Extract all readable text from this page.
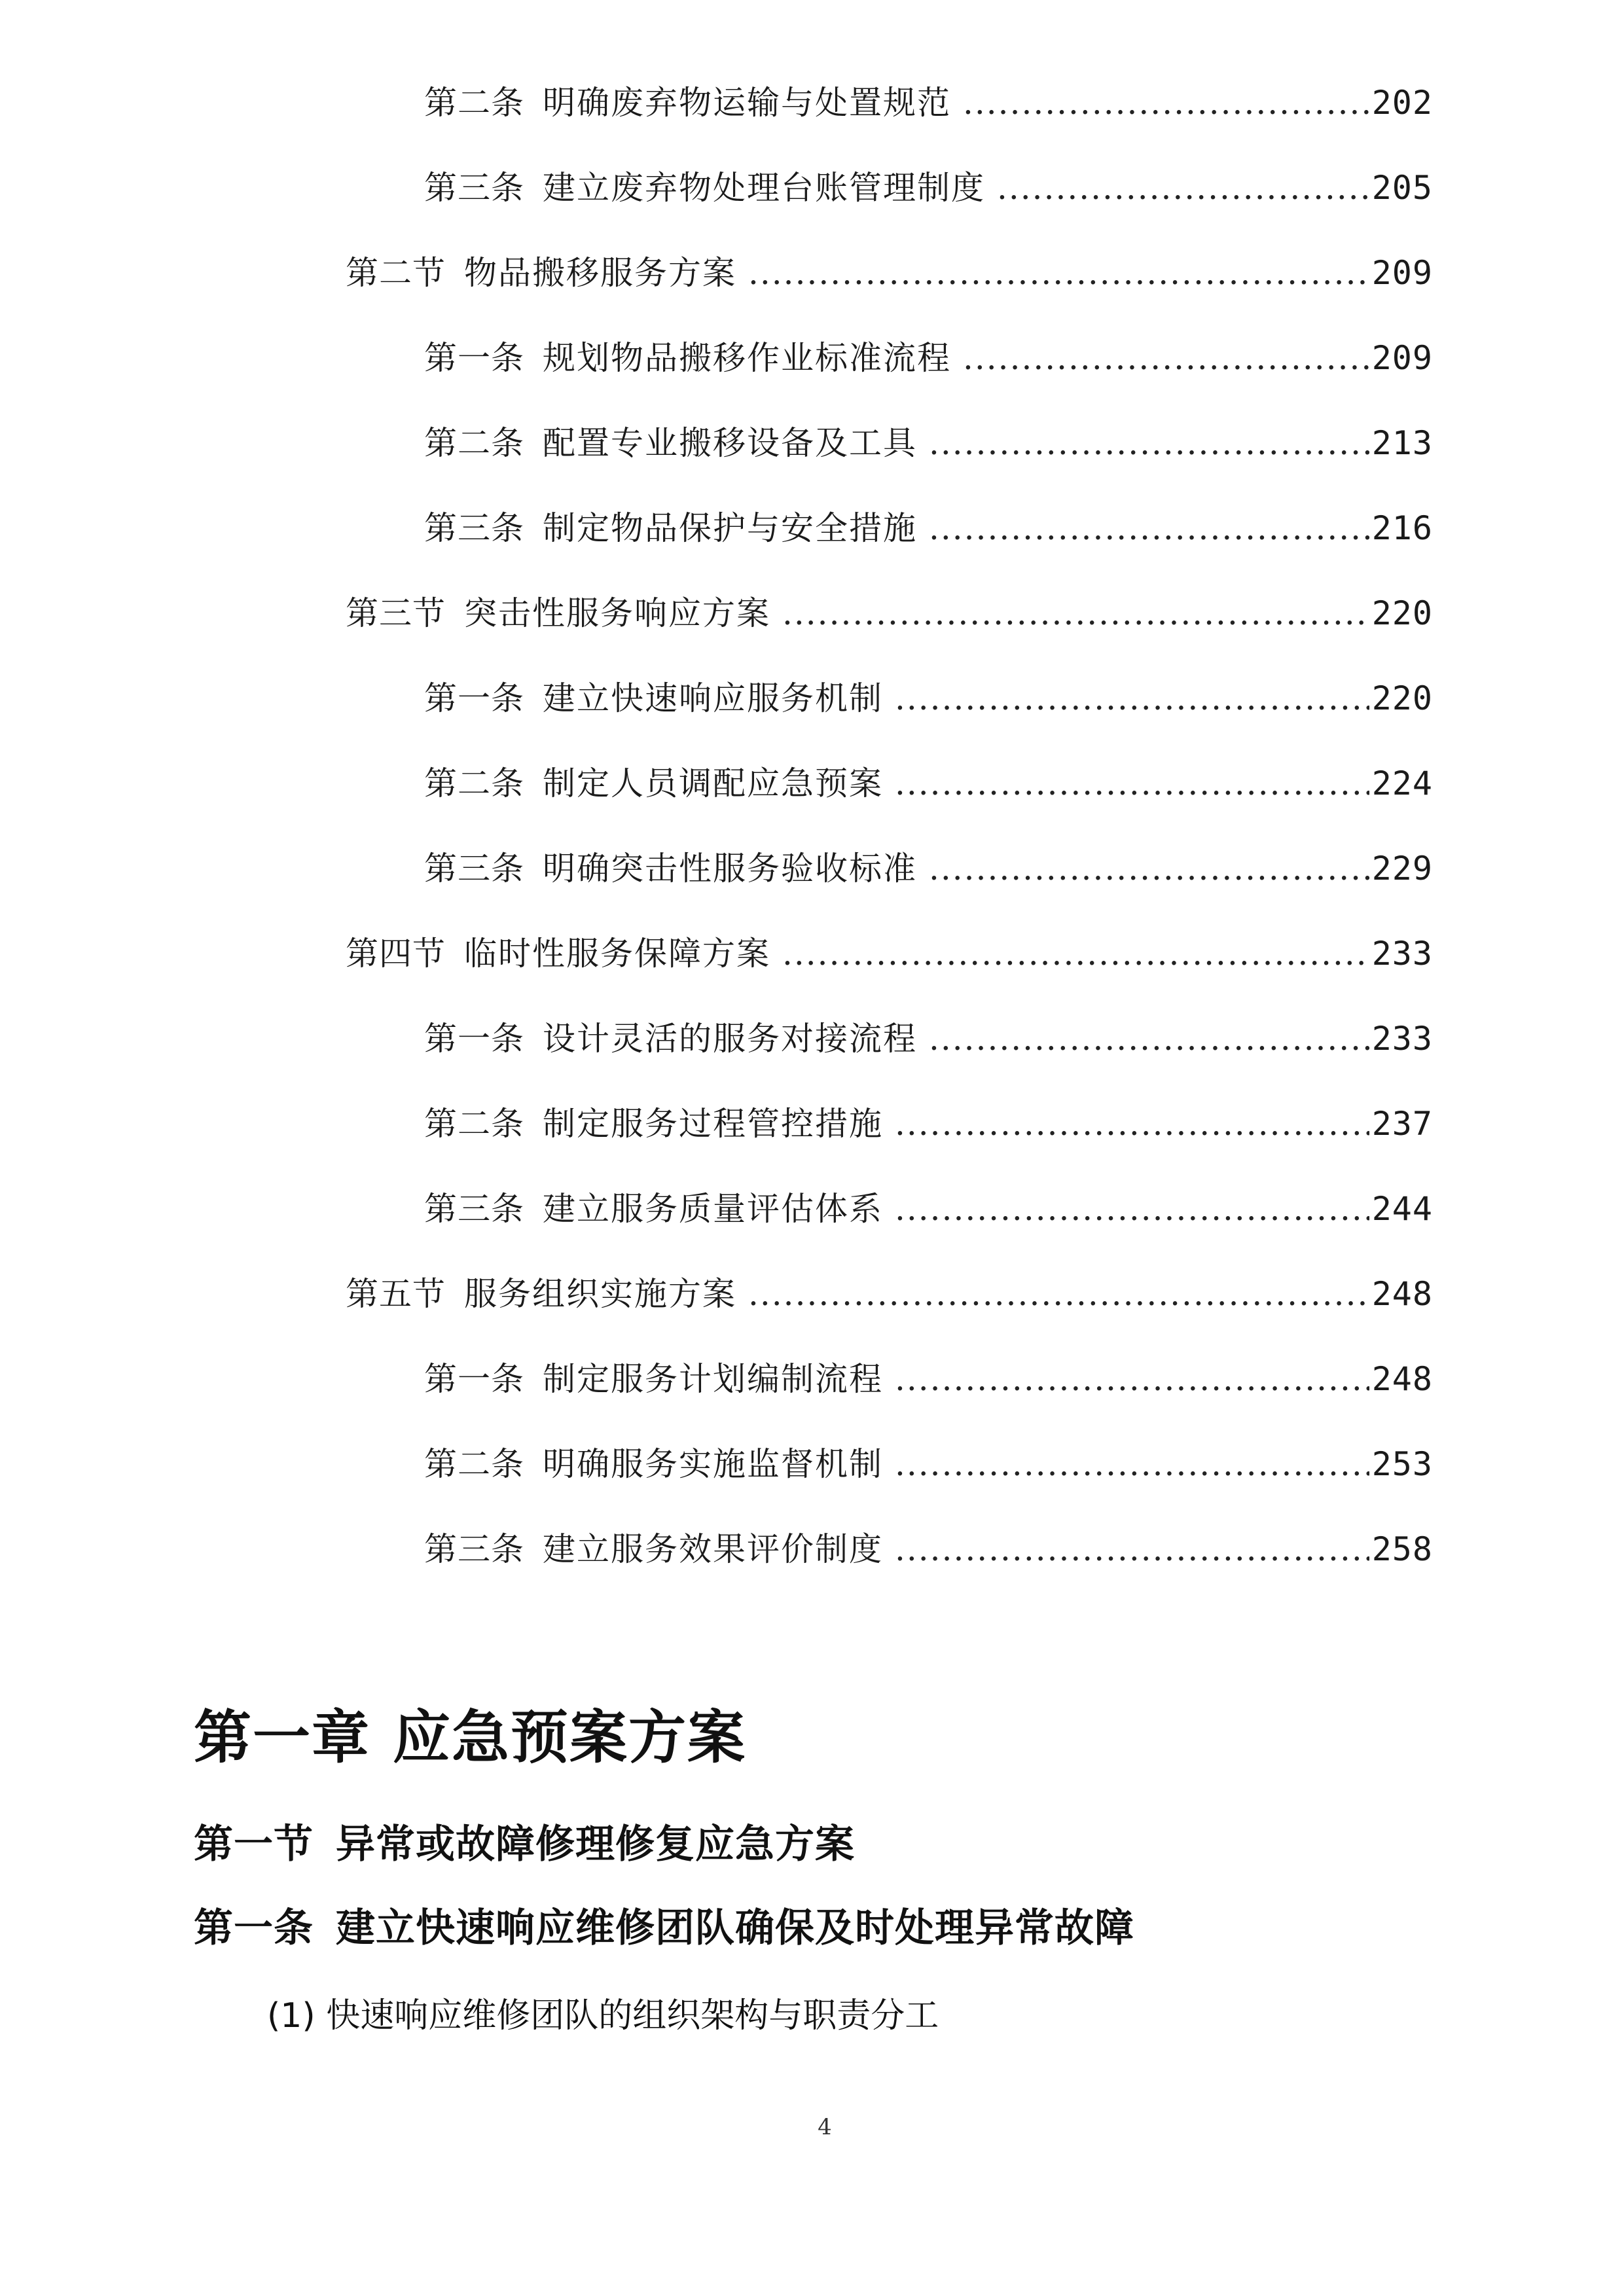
第二条 明确废弃物运输与处置规范 .....	202
第三条 建立废弃物处理台账管理制度 .....	205
第二节 物品搬移服务方案 .....	209
第一条 规划物品搬移作业标准流程 .....	209
第二条 配置专业搬移设备及工具 .....	213
第三条 制定物品保护与安全措施 .....	216
第三节 突击性服务响应方案 .....	220
第一条 建立快速响应服务机制 .....	220
第二条 制定人员调配应急预案 .....	224
第三条 明确突击性服务验收标准 .....	229
第四节 临时性服务保障方案 .....	233
第一条 设计灵活的服务对接流程 .....	233
第二条 制定服务过程管控措施 .....	237
第三条 建立服务质量评估体系 .....	244
第五节 服务组织实施方案 .....	248
第一条 制定服务计划编制流程 .....	248
第二条 明确服务实施监督机制 .....	253
第三条 建立服务效果评价制度 .....	258
第一章 应急预案方案
第一节 异常或故障修理修复应急方案
第一条 建立快速响应维修团队确保及时处理异常故障
(1) 快速响应维修团队的组织架构与职责分工
4
